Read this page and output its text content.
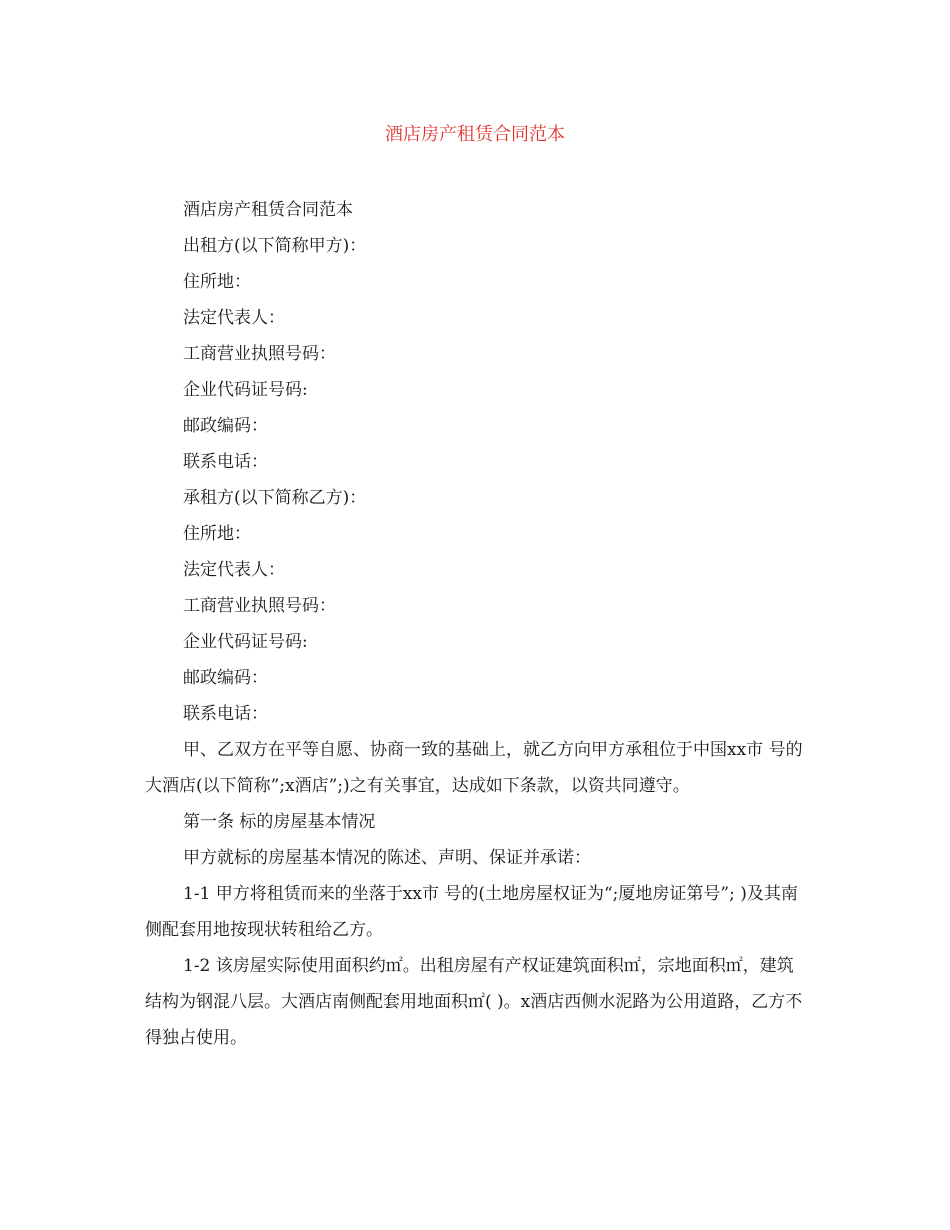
酒店房产租赁合同范本

酒店房产租赁合同范本

出租方(以下简称甲方)：

住所地：

法定代表人：

工商营业执照号码：

企业代码证号码:

邮政编码：

联系电话：

承租方(以下简称乙方)：

住所地：

法定代表人：

工商营业执照号码：

企业代码证号码:

邮政编码：

联系电话：

甲、乙双方在平等自愿、协商一致的基础上，就乙方向甲方承租位于中国xx市 号的 大酒店(以下简称”;x酒店”;)之有关事宜，达成如下条款，以资共同遵守。

第一条 标的房屋基本情况

甲方就标的房屋基本情况的陈述、声明、保证并承诺：

1-1 甲方将租赁而来的坐落于xx市 号的(土地房屋权证为“;厦地房证第号”; )及其南侧配套用地按现状转租给乙方。

1-2 该房屋实际使用面积约㎡。出租房屋有产权证建筑面积㎡，宗地面积㎡，建筑结构为钢混八层。大酒店南侧配套用地面积㎡( )。x酒店西侧水泥路为公用道路，乙方不得独占使用。
